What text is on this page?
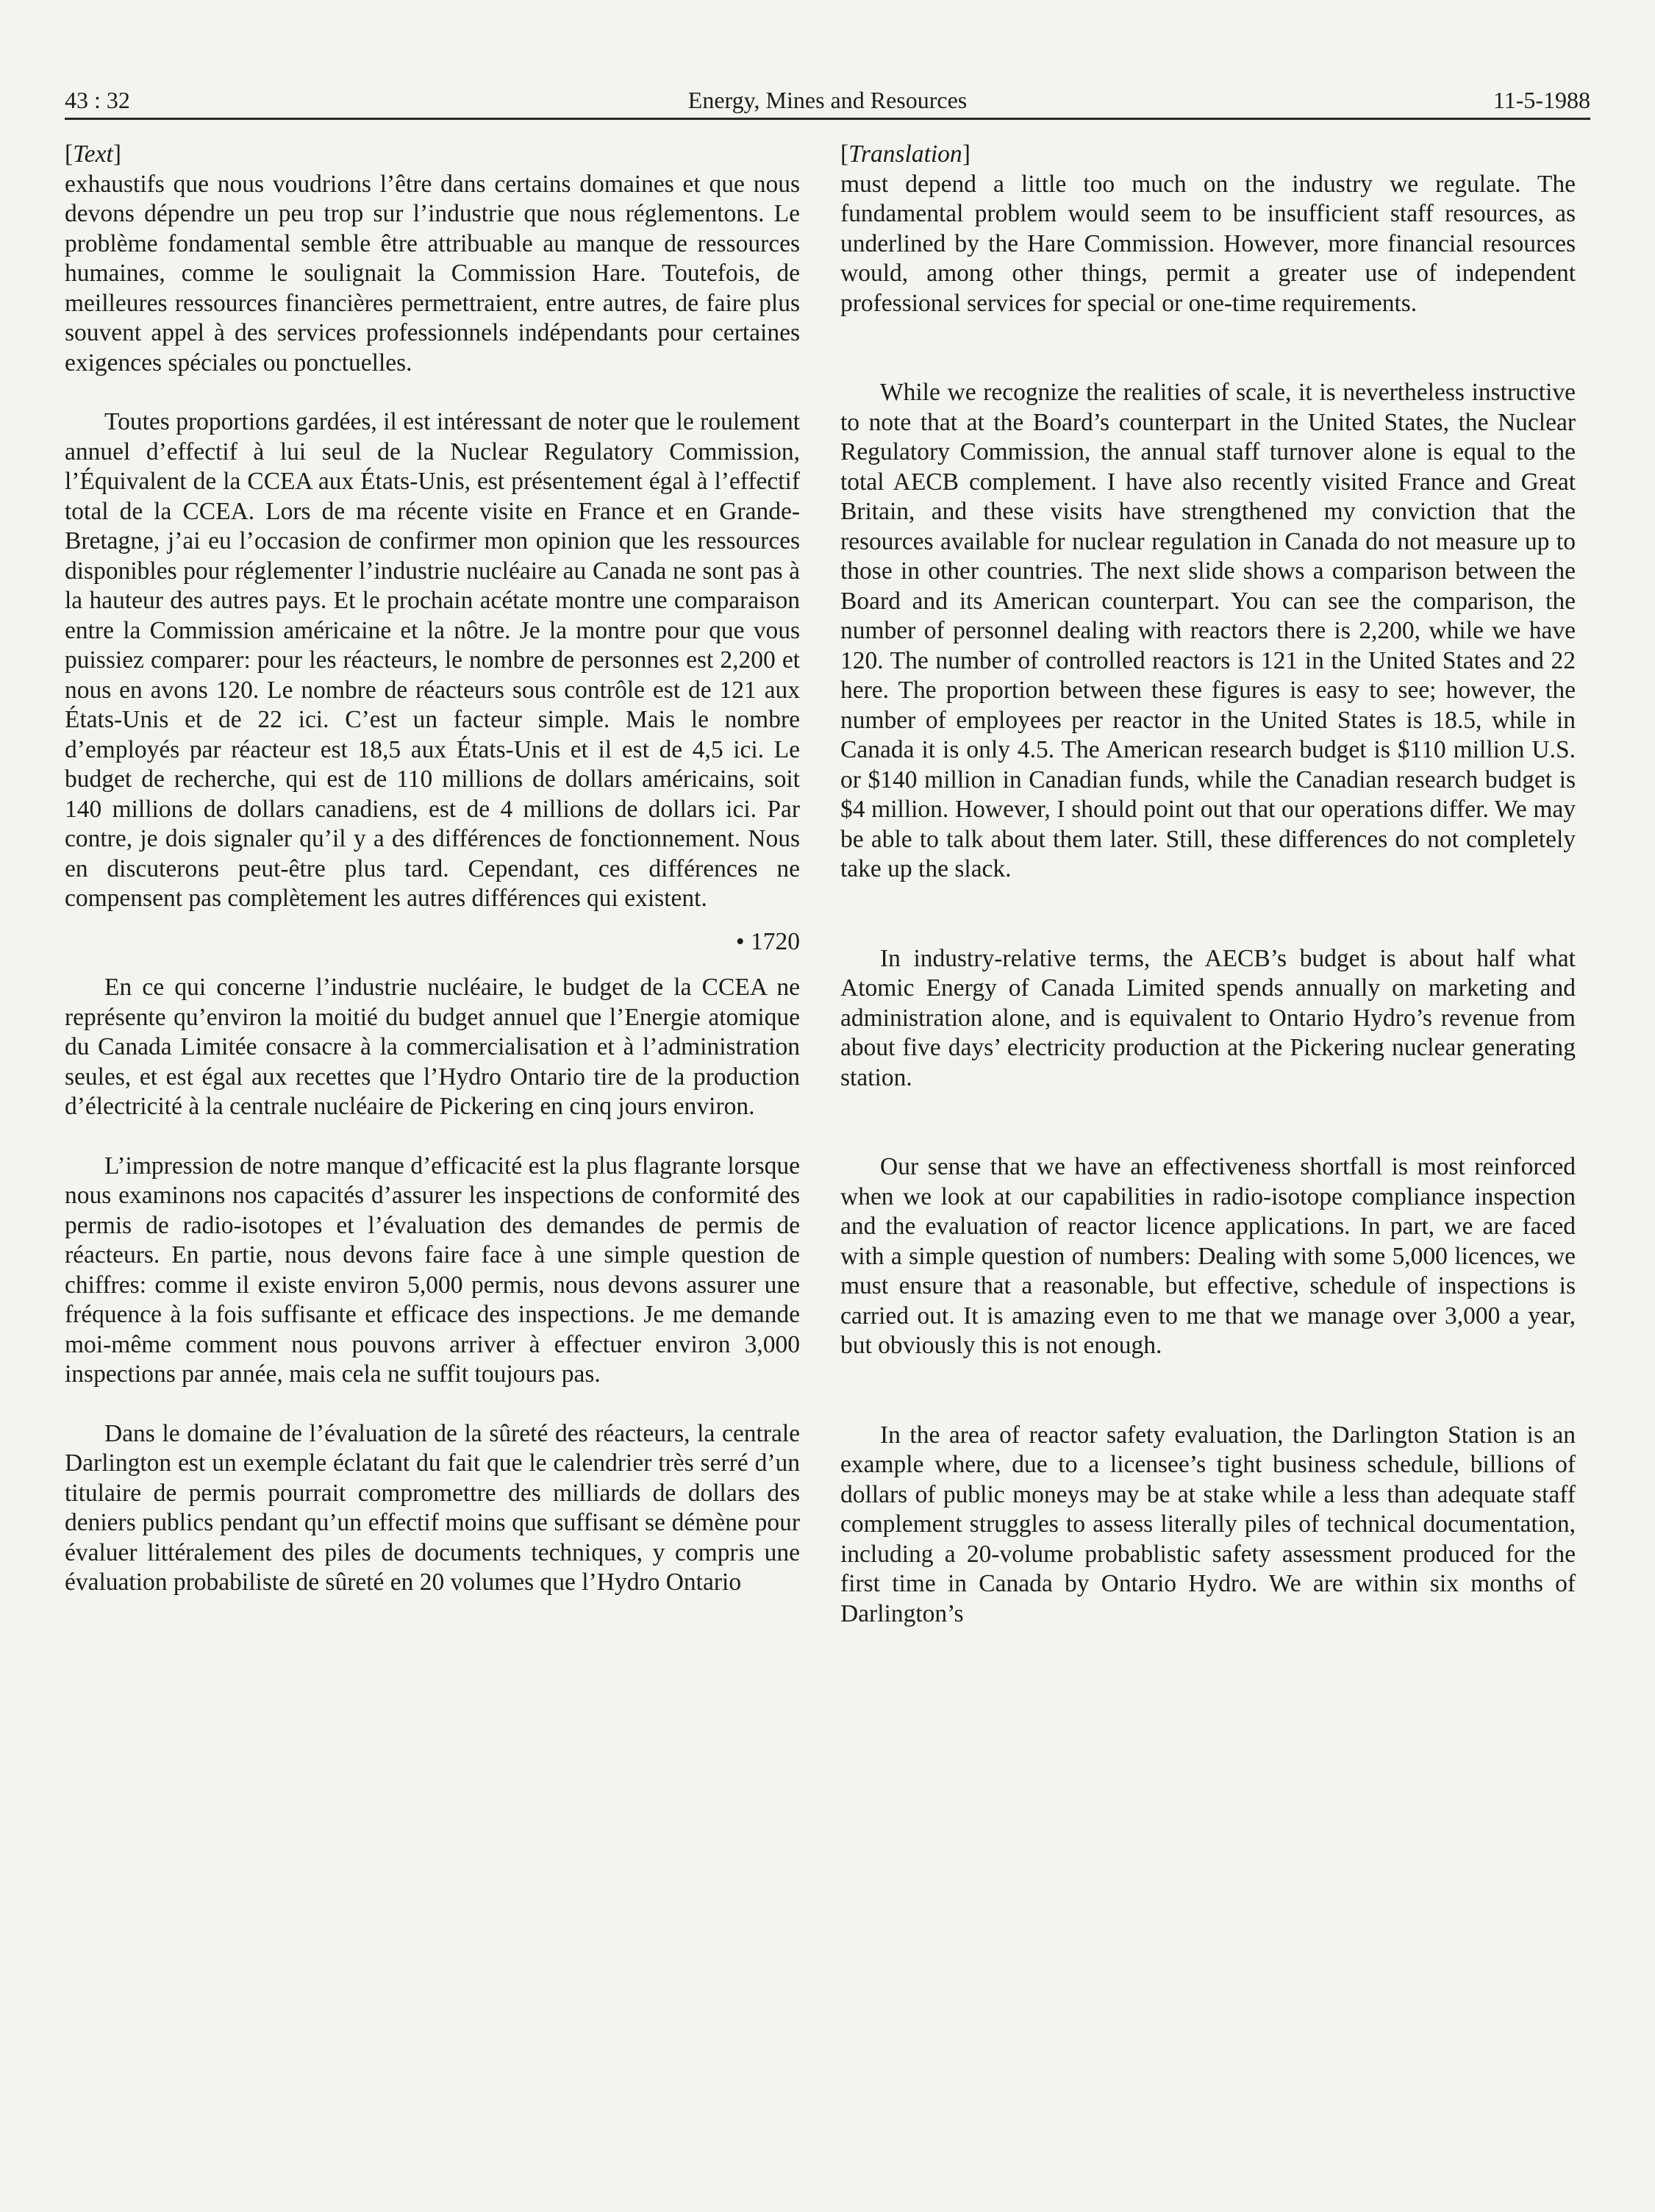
43 : 32	Energy, Mines and Resources	11-5-1988
[Text]

exhaustifs que nous voudrions l’être dans certains domaines et que nous devons dépendre un peu trop sur l’industrie que nous réglementons. Le problème fondamental semble être attribuable au manque de ressources humaines, comme le soulignait la Commission Hare. Toutefois, de meilleures ressources financières permettraient, entre autres, de faire plus souvent appel à des services professionnels indépendants pour certaines exigences spéciales ou ponctuelles.

Toutes proportions gardées, il est intéressant de noter que le roulement annuel d’effectif à lui seul de la Nuclear Regulatory Commission, l’Équivalent de la CCEA aux États-Unis, est présentement égal à l’effectif total de la CCEA. Lors de ma récente visite en France et en Grande-Bretagne, j’ai eu l’occasion de confirmer mon opinion que les ressources disponibles pour réglementer l’industrie nucléaire au Canada ne sont pas à la hauteur des autres pays. Et le prochain acétate montre une comparaison entre la Commission américaine et la nôtre. Je la montre pour que vous puissiez comparer: pour les réacteurs, le nombre de personnes est 2,200 et nous en avons 120. Le nombre de réacteurs sous contrôle est de 121 aux États-Unis et de 22 ici. C’est un facteur simple. Mais le nombre d’employés par réacteur est 18,5 aux États-Unis et il est de 4,5 ici. Le budget de recherche, qui est de 110 millions de dollars américains, soit 140 millions de dollars canadiens, est de 4 millions de dollars ici. Par contre, je dois signaler qu’il y a des différences de fonctionnement. Nous en discuterons peut-être plus tard. Cependant, ces différences ne compensent pas complètement les autres différences qui existent.

• 1720

En ce qui concerne l’industrie nucléaire, le budget de la CCEA ne représente qu’environ la moitié du budget annuel que l’Energie atomique du Canada Limitée consacre à la commercialisation et à l’administration seules, et est égal aux recettes que l’Hydro Ontario tire de la production d’électricité à la centrale nucléaire de Pickering en cinq jours environ.

L’impression de notre manque d’efficacité est la plus flagrante lorsque nous examinons nos capacités d’assurer les inspections de conformité des permis de radio-isotopes et l’évaluation des demandes de permis de réacteurs. En partie, nous devons faire face à une simple question de chiffres: comme il existe environ 5,000 permis, nous devons assurer une fréquence à la fois suffisante et efficace des inspections. Je me demande moi-même comment nous pouvons arriver à effectuer environ 3,000 inspections par année, mais cela ne suffit toujours pas.

Dans le domaine de l’évaluation de la sûreté des réacteurs, la centrale Darlington est un exemple éclatant du fait que le calendrier très serré d’un titulaire de permis pourrait compromettre des milliards de dollars des deniers publics pendant qu’un effectif moins que suffisant se démène pour évaluer littéralement des piles de documents techniques, y compris une évaluation probabiliste de sûreté en 20 volumes que l’Hydro Ontario

[Translation]

must depend a little too much on the industry we regulate. The fundamental problem would seem to be insufficient staff resources, as underlined by the Hare Commission. However, more financial resources would, among other things, permit a greater use of independent professional services for special or one-time requirements.

While we recognize the realities of scale, it is nevertheless instructive to note that at the Board’s counterpart in the United States, the Nuclear Regulatory Commission, the annual staff turnover alone is equal to the total AECB complement. I have also recently visited France and Great Britain, and these visits have strengthened my conviction that the resources available for nuclear regulation in Canada do not measure up to those in other countries. The next slide shows a comparison between the Board and its American counterpart. You can see the comparison, the number of personnel dealing with reactors there is 2,200, while we have 120. The number of controlled reactors is 121 in the United States and 22 here. The proportion between these figures is easy to see; however, the number of employees per reactor in the United States is 18.5, while in Canada it is only 4.5. The American research budget is $110 million U.S. or $140 million in Canadian funds, while the Canadian research budget is $4 million. However, I should point out that our operations differ. We may be able to talk about them later. Still, these differences do not completely take up the slack.

In industry-relative terms, the AECB’s budget is about half what Atomic Energy of Canada Limited spends annually on marketing and administration alone, and is equivalent to Ontario Hydro’s revenue from about five days’ electricity production at the Pickering nuclear generating station.

Our sense that we have an effectiveness shortfall is most reinforced when we look at our capabilities in radio-isotope compliance inspection and the evaluation of reactor licence applications. In part, we are faced with a simple question of numbers: Dealing with some 5,000 licences, we must ensure that a reasonable, but effective, schedule of inspections is carried out. It is amazing even to me that we manage over 3,000 a year, but obviously this is not enough.

In the area of reactor safety evaluation, the Darlington Station is an example where, due to a licensee’s tight business schedule, billions of dollars of public moneys may be at stake while a less than adequate staff complement struggles to assess literally piles of technical documentation, including a 20-volume probablistic safety assessment produced for the first time in Canada by Ontario Hydro. We are within six months of Darlington’s
